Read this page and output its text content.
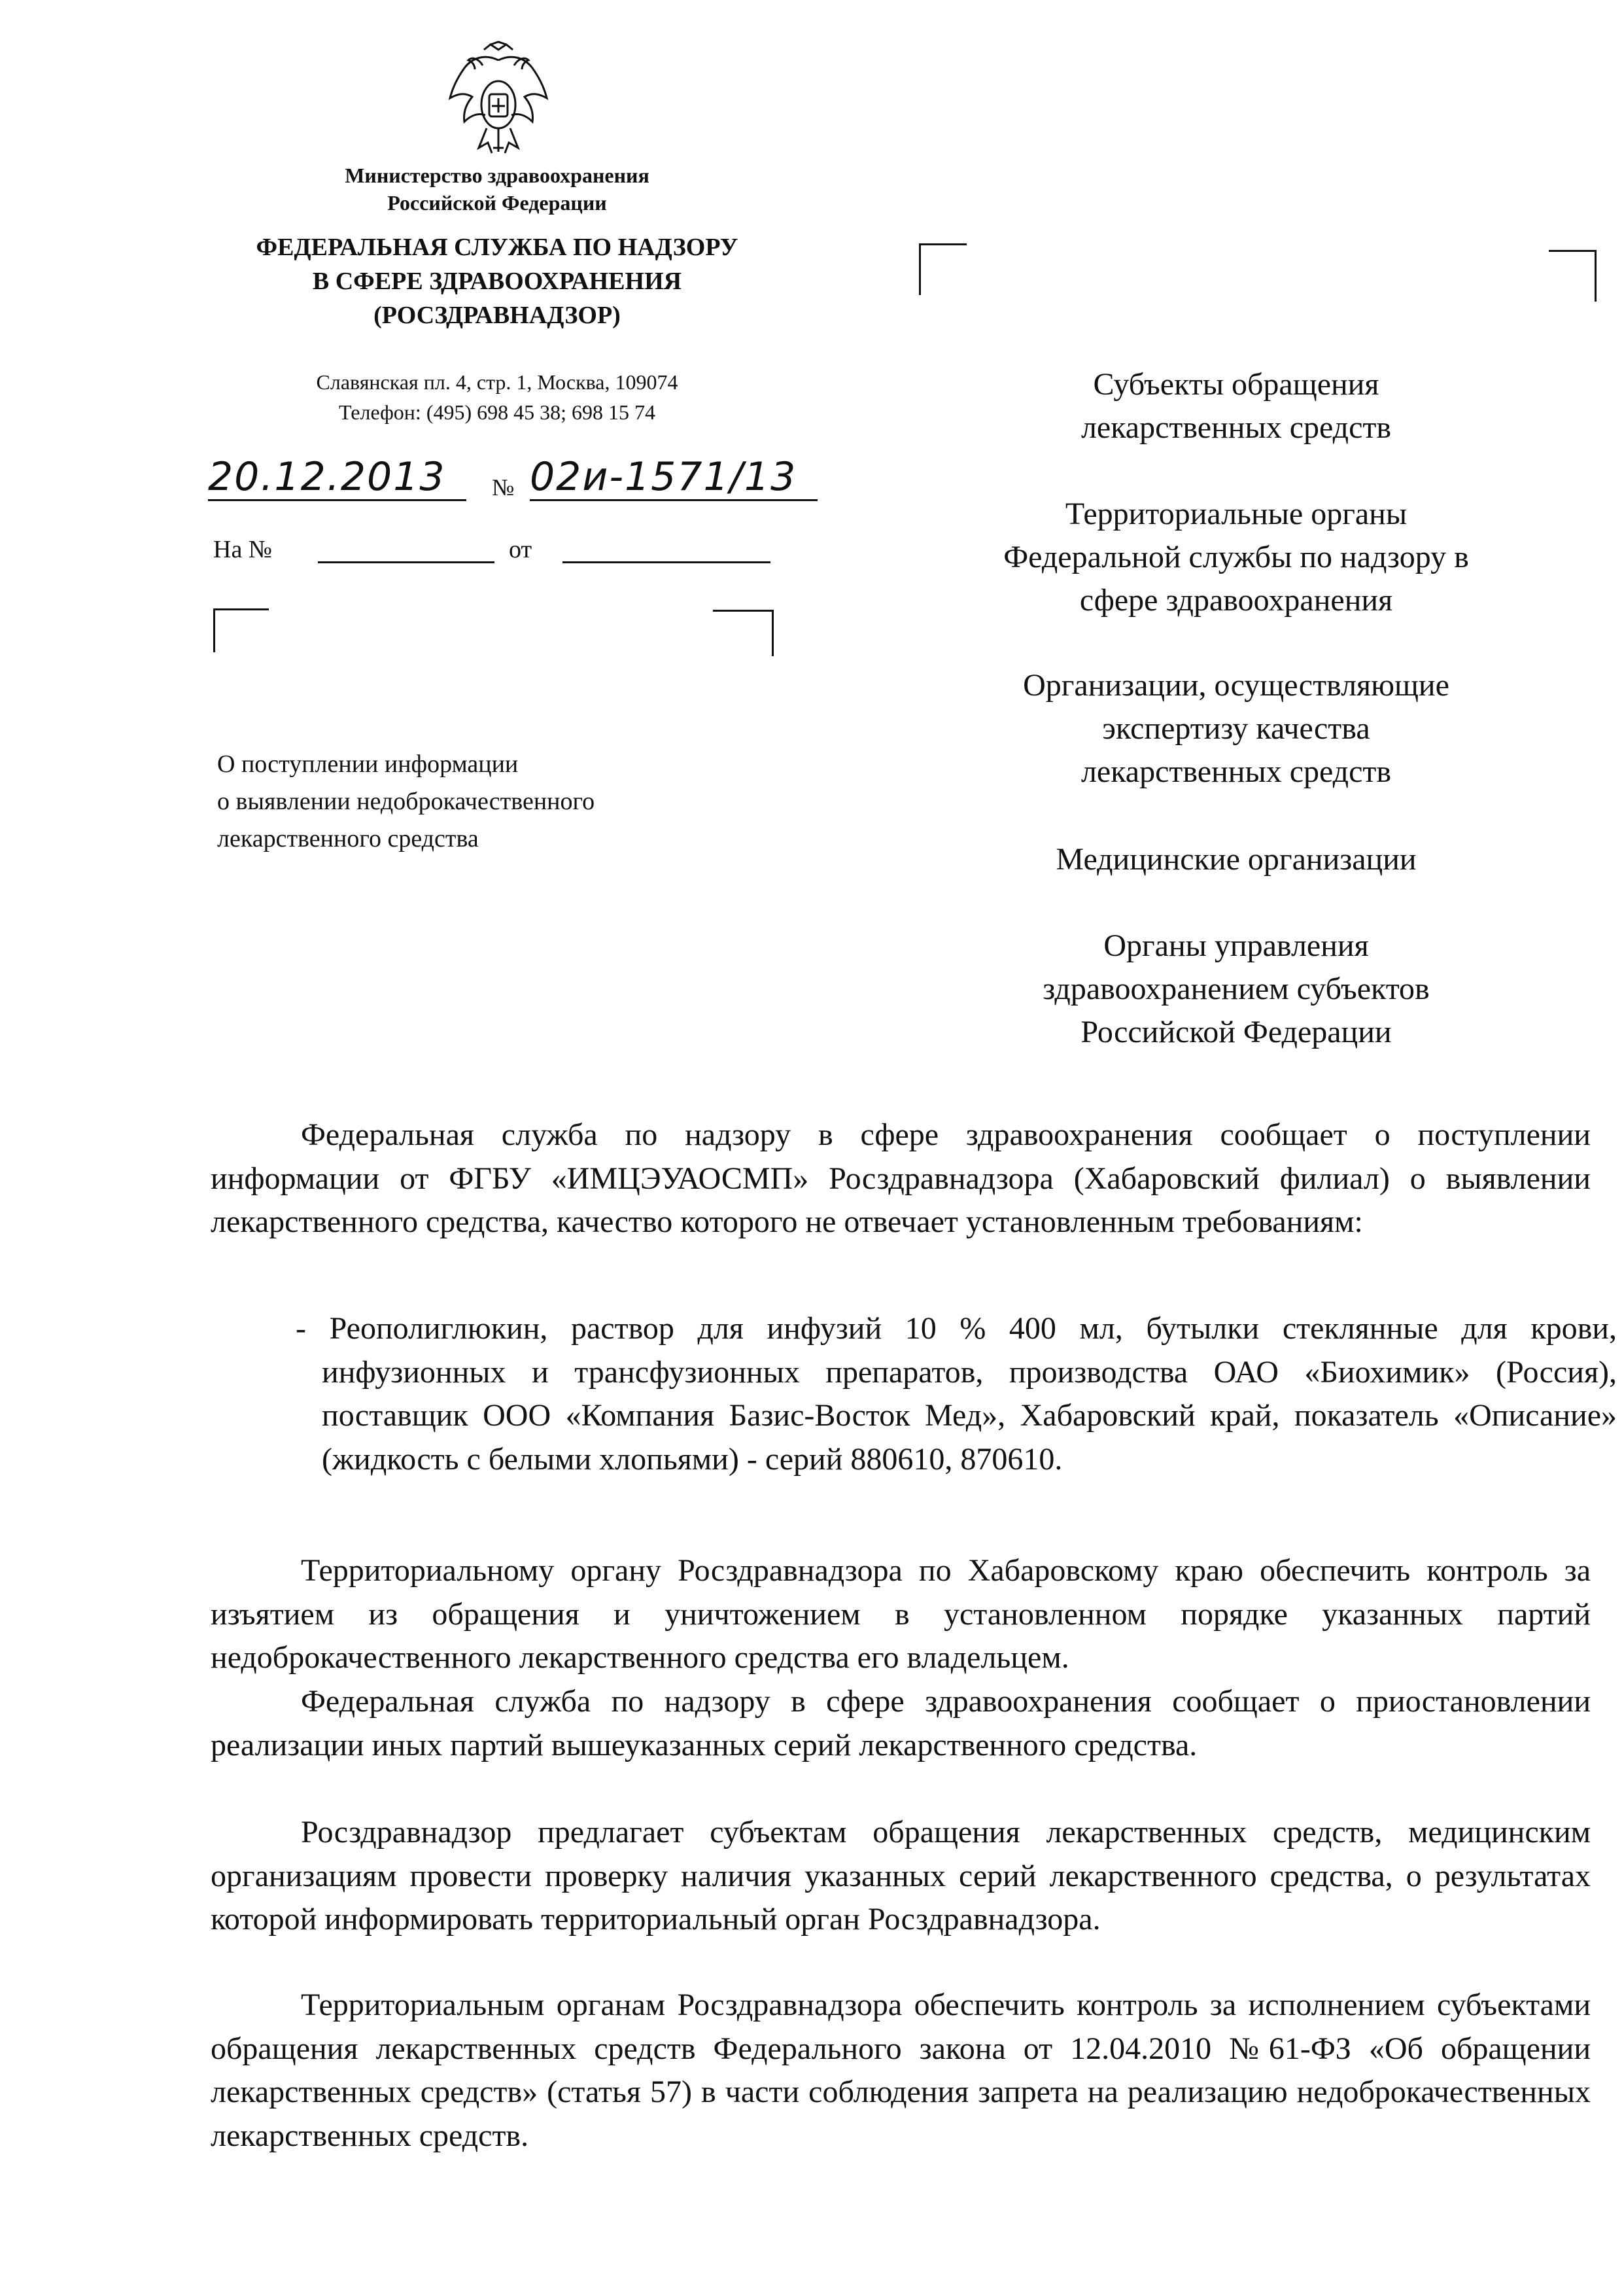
Министерство здравоохранения
Российской Федерации
ФЕДЕРАЛЬНАЯ СЛУЖБА ПО НАДЗОРУ
В СФЕРЕ ЗДРАВООХРАНЕНИЯ
(РОСЗДРАВНАДЗОР)
Славянская пл. 4, стр. 1, Москва, 109074
Телефон: (495) 698 45 38; 698 15 74
20.12.2013	№ 02и-1571/13
На №	от
О поступлении информации
о выявлении недоброкачественного
лекарственного средства
Субъекты обращения
лекарственных средств
Территориальные органы
Федеральной службы по надзору в
сфере здравоохранения
Организации, осуществляющие
экспертизу качества
лекарственных средств
Медицинские организации
Органы управления
здравоохранением субъектов
Российской Федерации

Федеральная служба по надзору в сфере здравоохранения сообщает о поступлении информации от ФГБУ «ИМЦЭУАОСМП» Росздравнадзора (Хабаровский филиал) о выявлении лекарственного средства, качество которого не отвечает установленным требованиям:

- Реополиглюкин, раствор для инфузий 10 % 400 мл, бутылки стеклянные для крови, инфузионных и трансфузионных препаратов, производства ОАО «Биохимик» (Россия), поставщик ООО «Компания Базис-Восток Мед», Хабаровский край, показатель «Описание» (жидкость с белыми хлопьями) - серий 880610, 870610.

Территориальному органу Росздравнадзора по Хабаровскому краю обеспечить контроль за изъятием из обращения и уничтожением в установленном порядке указанных партий недоброкачественного лекарственного средства его владельцем.

Федеральная служба по надзору в сфере здравоохранения сообщает о приостановлении реализации иных партий вышеуказанных серий лекарственного средства.

Росздравнадзор предлагает субъектам обращения лекарственных средств, медицинским организациям провести проверку наличия указанных серий лекарственного средства, о результатах которой информировать территориальный орган Росздравнадзора.

Территориальным органам Росздравнадзора обеспечить контроль за исполнением субъектами обращения лекарственных средств Федерального закона от 12.04.2010 №61-ФЗ «Об обращении лекарственных средств» (статья 57) в части соблюдения запрета на реализацию недоброкачественных лекарственных средств.
